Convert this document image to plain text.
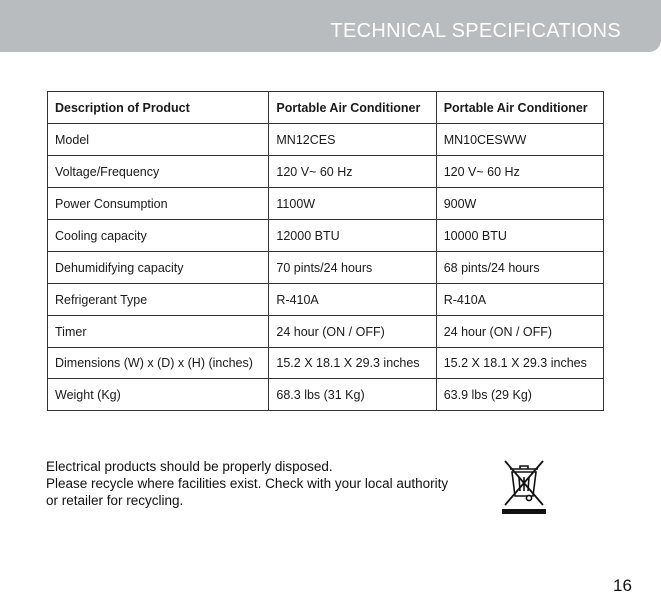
TECHNICAL SPECIFICATIONS
Description of Product	Portable Air Conditioner	Portable Air Conditioner
Model	MN12CES	MN10CESWW
Voltage/Frequency	120 V~ 60 Hz	120 V~ 60 Hz
Power Consumption	1100W	900W
Cooling capacity	12000 BTU	10000 BTU
Dehumidifying capacity	70 pints/24 hours	68 pints/24 hours
Refrigerant Type	R-410A	R-410A
Timer	24 hour (ON / OFF)	24 hour (ON / OFF)
Dimensions (W) x (D) x (H) (inches)	15.2 X 18.1 X 29.3 inches	15.2 X 18.1 X 29.3 inches
Weight (Kg)	68.3 lbs (31 Kg)	63.9 lbs (29 Kg)
Electrical products should be properly disposed.
Please recycle where facilities exist. Check with your local authority
or retailer for recycling.
16
